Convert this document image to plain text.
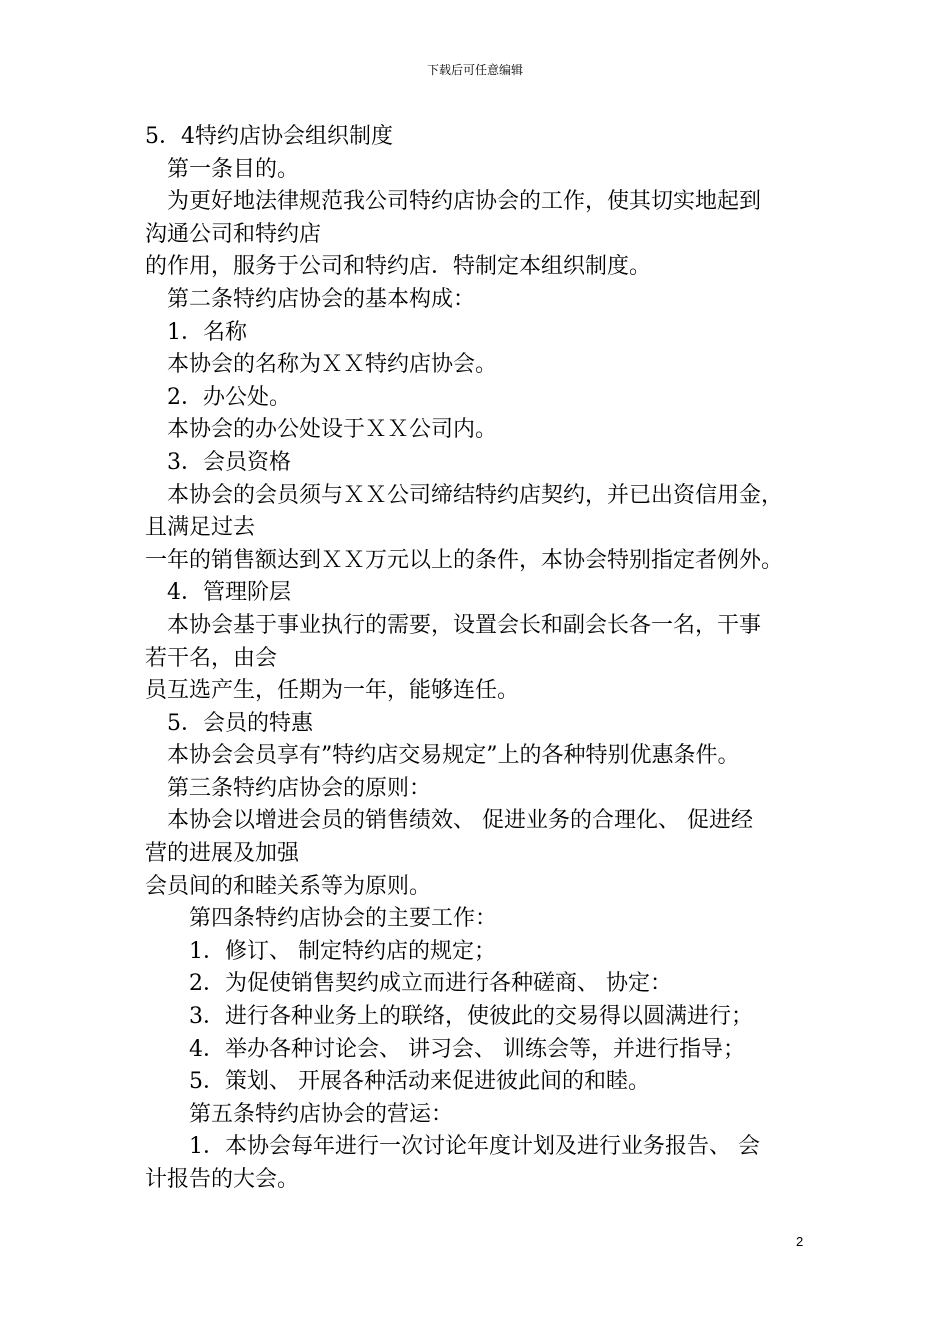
下载后可任意编辑
5．4特约店协会组织制度
第一条目的。
为更好地法律规范我公司特约店协会的工作，使其切实地起到
沟通公司和特约店
的作用，服务于公司和特约店．特制定本组织制度。
第二条特约店协会的基本构成：
1．名称
本协会的名称为ＸＸ特约店协会。
2．办公处。
本协会的办公处设于ＸＸ公司内。
3．会员资格
本协会的会员须与ＸＸ公司缔结特约店契约，并已出资信用金，
且满足过去
一年的销售额达到ＸＸ万元以上的条件，本协会特别指定者例外。
4．管理阶层
本协会基于事业执行的需要，设置会长和副会长各一名，干事
若干名，由会
员互选产生，任期为一年，能够连任。
5．会员的特惠
本协会会员享有”特约店交易规定”上的各种特别优惠条件。
第三条特约店协会的原则：
本协会以增进会员的销售绩效、 促进业务的合理化、 促进经
营的进展及加强
会员间的和睦关系等为原则。
第四条特约店协会的主要工作：
1．修订、 制定特约店的规定；
2．为促使销售契约成立而进行各种磋商、 协定：
3．进行各种业务上的联络，使彼此的交易得以圆满进行；
4．举办各种讨论会、 讲习会、 训练会等，并进行指导；
5．策划、 开展各种活动来促进彼此间的和睦。
第五条特约店协会的营运：
1．本协会每年进行一次讨论年度计划及进行业务报告、 会
计报告的大会。
2
